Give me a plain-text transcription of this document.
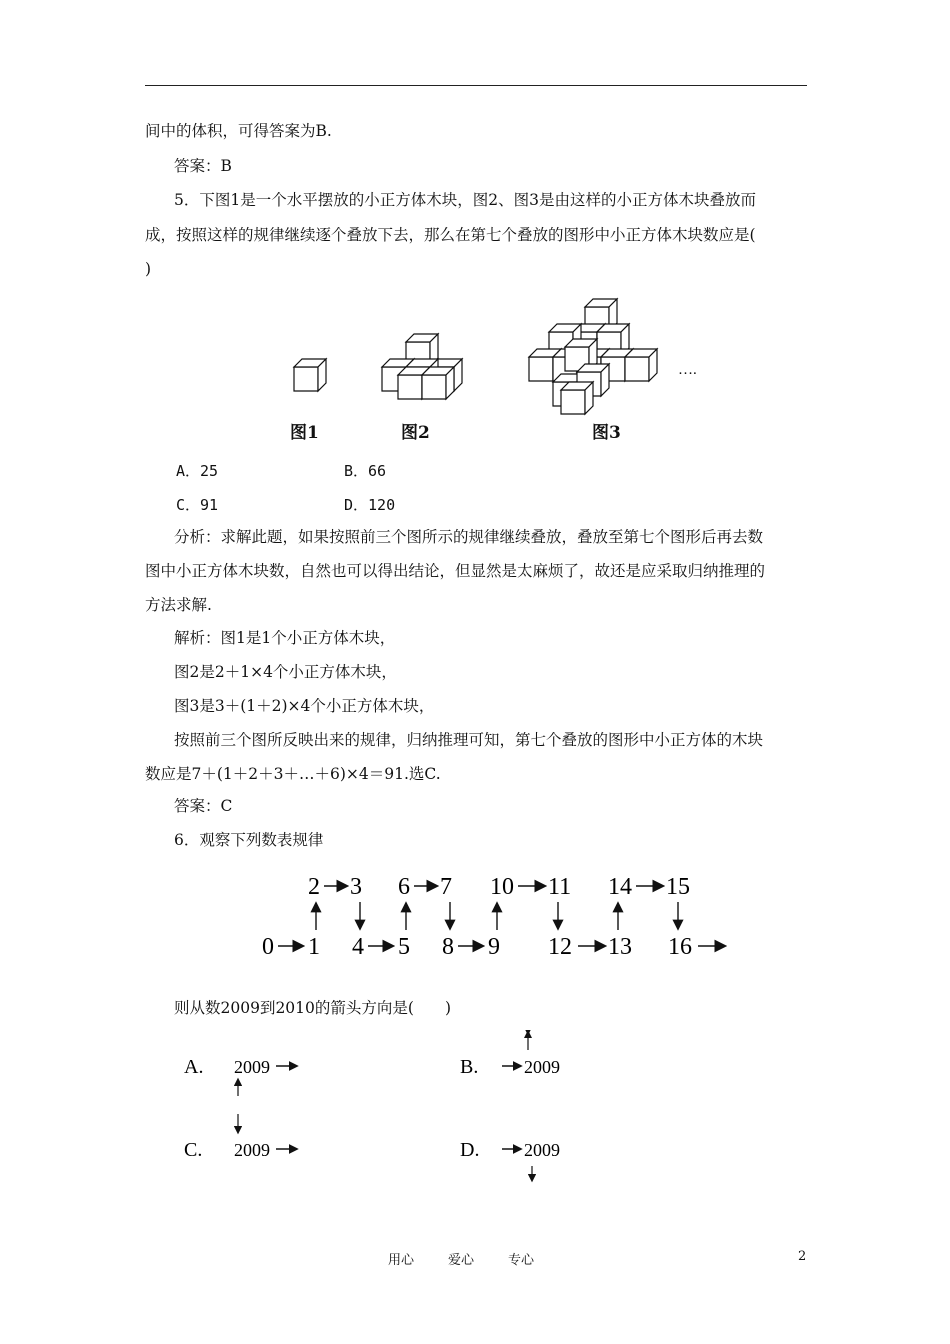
间中的体积，可得答案为B.
答案：B
5．下图1是一个水平摆放的小正方体木块，图2、图3是由这样的小正方体木块叠放而
成，按照这样的规律继续逐个叠放下去，那么在第七个叠放的图形中小正方体木块数应是(
)
….
图1	图2	图3
A．25	B．66
C．91	D．120
分析：求解此题，如果按照前三个图所示的规律继续叠放，叠放至第七个图形后再去数
图中小正方体木块数，自然也可以得出结论，但显然是太麻烦了，故还是应采取归纳推理的
方法求解.
解析：图1是1个小正方体木块，
图2是2＋1×4个小正方体木块，
图3是3＋(1＋2)×4个小正方体木块，
按照前三个图所反映出来的规律，归纳推理可知，第七个叠放的图形中小正方体的木块
数应是7＋(1＋2＋3＋…＋6)×4＝91.选C.
答案：C
6．观察下列数表规律
2 3 6 7 10 11 14 15
0 1 4 5 8 9 12 13 16
则从数2009到2010的箭头方向是(　　)
A. 2009	B.	2009
C. 2009	D. 2009
用心	爱心	专心	2
